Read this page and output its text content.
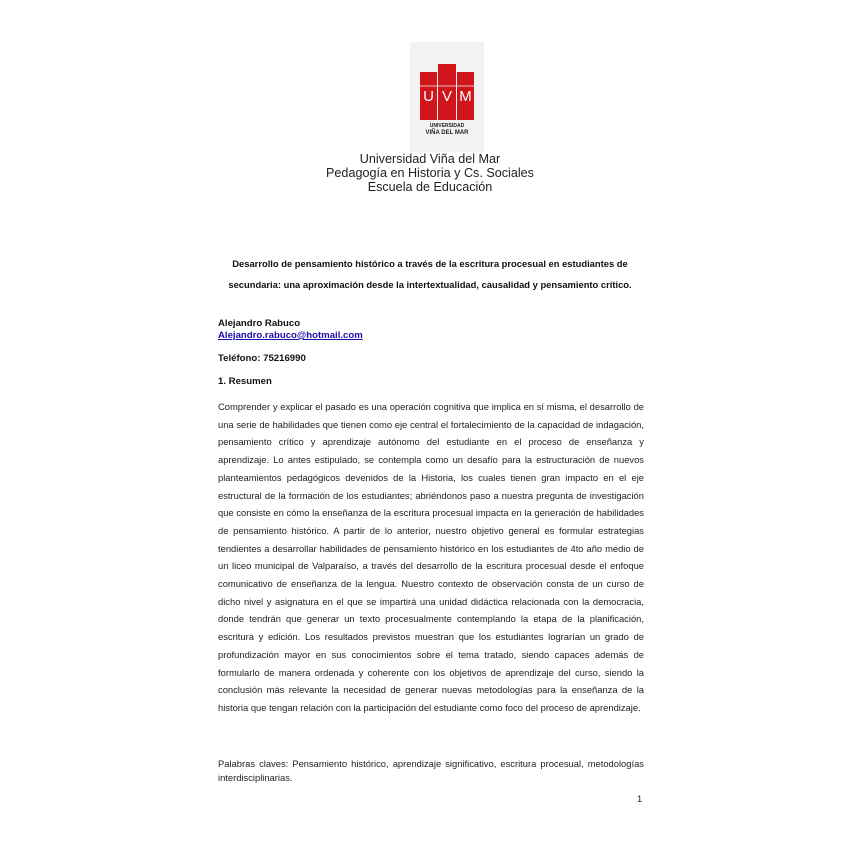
U V M
UNIVERSIDAD
VIÑA DEL MAR
Universidad Viña del Mar
Pedagogía en Historia y Cs. Sociales
Escuela de Educación
Desarrollo de pensamiento histórico a través de la escritura procesual en estudiantes de secundaria: una aproximación desde la intertextualidad, causalidad y pensamiento crítico.
Alejandro Rabuco
Alejandro.rabuco@hotmail.com
Teléfono: 75216990
1. Resumen
Comprender y explicar el pasado es una operación cognitiva que implica en sí misma, el desarrollo de una serie de habilidades que tienen como eje central el fortalecimiento de la capacidad de indagación, pensamiento crítico y aprendizaje autónomo del estudiante en el proceso de enseñanza y aprendizaje. Lo antes estipulado, se contempla como un desafío para la estructuración de nuevos planteamientos pedagógicos devenidos de la Historia, los cuales tienen gran impacto en el eje estructural de la formación de los estudiantes; abriéndonos paso a nuestra pregunta de investigación que consiste en cómo la enseñanza de la escritura procesual impacta en la generación de habilidades de pensamiento histórico. A partir de lo anterior, nuestro objetivo general es formular estrategias tendientes a desarrollar habilidades de pensamiento histórico en los estudiantes de 4to año medio de un liceo municipal de Valparaíso, a través del desarrollo de la escritura procesual desde el enfoque comunicativo de enseñanza de la lengua. Nuestro contexto de observación consta de un curso de dicho nivel y asignatura en el que se impartirá una unidad didáctica relacionada con la democracia, donde tendrán que generar un texto procesualmente contemplando la etapa de la planificación, escritura y edición. Los resultados previstos muestran que los estudiantes lograrían un grado de profundización mayor en sus conocimientos sobre el tema tratado, siendo capaces además de formularlo de manera ordenada y coherente con los objetivos de aprendizaje del curso, siendo la conclusión más relevante la necesidad de generar nuevas metodologías para la enseñanza de la historia que tengan relación con la participación del estudiante como foco del proceso de aprendizaje.
Palabras claves: Pensamiento histórico, aprendizaje significativo, escritura procesual, metodologías interdisciplinarias.
1
